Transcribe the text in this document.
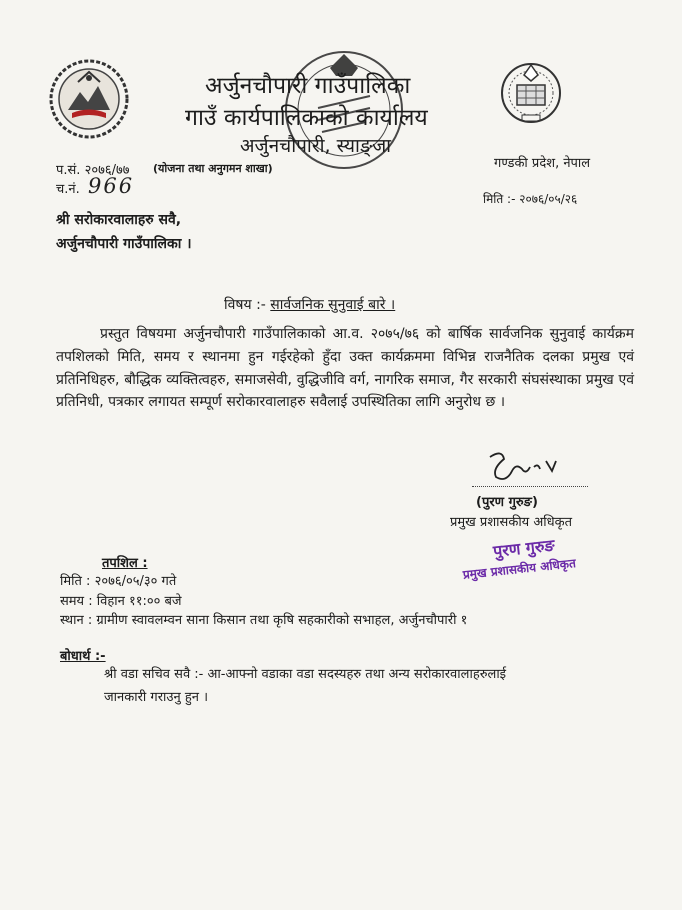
अर्जुनचौपारी गाउँपालिका
गाउँ कार्यपालिकाको कार्यालय
अर्जुनचौपारी, स्याङ्जा
गण्डकी प्रदेश, नेपाल
प.सं. २०७६/७७ (योजना तथा अनुगमन शाखा)
च.नं. 966
मिति :- २०७६/०५/२६
श्री सरोकारवालाहरु सवै,
अर्जुनचौपारी गाउँपालिका ।
विषय :- सार्वजनिक सुनुवाई बारे ।
प्रस्तुत विषयमा अर्जुनचौपारी गाउँपालिकाको आ.व. २०७५/७६ को बार्षिक सार्वजनिक सुनुवाई कार्यक्रम तपशिलको मिति, समय र स्थानमा हुन गईरहेको हुँदा उक्त कार्यक्रममा विभिन्न राजनैतिक दलका प्रमुख एवं प्रतिनिधिहरु, बौद्धिक व्यक्तित्वहरु, समाजसेवी, वुद्धिजीवि वर्ग, नागरिक समाज, गैर सरकारी संघसंस्थाका प्रमुख एवं प्रतिनिधी, पत्रकार लगायत सम्पूर्ण सरोकारवालाहरु सवैलाई उपस्थितिका लागि अनुरोध छ ।
(पुरण गुरुङ)
प्रमुख प्रशासकीय अधिकृत
पुरण गुरुङ
प्रमुख प्रशासकीय अधिकृत
तपशिल :
मिति : २०७६/०५/३० गते
समय : विहान ११:०० बजे
स्थान : ग्रामीण स्वावलम्वन साना किसान तथा कृषि सहकारीको सभाहल, अर्जुनचौपारी १
बोधार्थ :-
श्री वडा सचिव सवै :- आ-आफ्नो वडाका वडा सदस्यहरु तथा अन्य सरोकारवालाहरुलाई
जानकारी गराउनु हुन ।
